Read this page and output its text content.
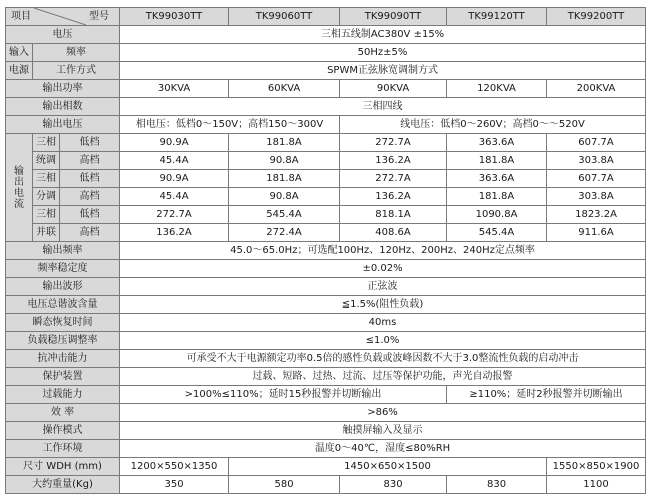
项目 型号			TK99030TT	TK99060TT	TK99090TT	TK99120TT	TK99200TT
电压			三相五线制AC380V ±15%				
输入	频率		50Hz±5%				
电源	工作方式		SPWM正弦脉宽调制方式				
输出功率			30KVA	60KVA	90KVA	120KVA	200KVA
输出相数			三相四线				
输出电压			相电压：低档0～150V；高档150～300V		线电压：低档0～260V；高档0～～520V		

输
出
电
流	三相	低档	90.9A	181.8A	272.7A	363.6A	607.7A
	统调	高档	45.4A	90.8A	136.2A	181.8A	303.8A
	三相	低档	90.9A	181.8A	272.7A	363.6A	607.7A
	分调	高档	45.4A	90.8A	136.2A	181.8A	303.8A
	三相	低档	272.7A	545.4A	818.1A	1090.8A	1823.2A
	并联	高档	136.2A	272.4A	408.6A	545.4A	911.6A
输出频率			45.0～65.0Hz；可选配100Hz、120Hz、200Hz、240Hz定点频率				
频率稳定度			±0.02%				
输出波形			正弦波				
电压总谐波含量			≦1.5%(阻性负载)				
瞬态恢复时间			40ms				
负载稳压调整率			≤1.0%				
抗冲击能力			可承受不大于电源额定功率0.5倍的感性负载或波峰因数不大于3.0整流性负载的启动冲击				
保护装置			过载、短路、过热、过流、过压等保护功能，声光自动报警				
过载能力			>100%≤110%；延时15秒报警并切断输出			≥110%；延时2秒报警并切断输出	
效 率			>86%				
操作模式			触摸屏输入及显示				
工作环境			温度0～40℃，湿度≤80%RH				
尺寸 WDH (mm)			1200×550×1350	1450×650×1500			1550×850×1900
大约重量(Kg)			350	580	830	830	1100
